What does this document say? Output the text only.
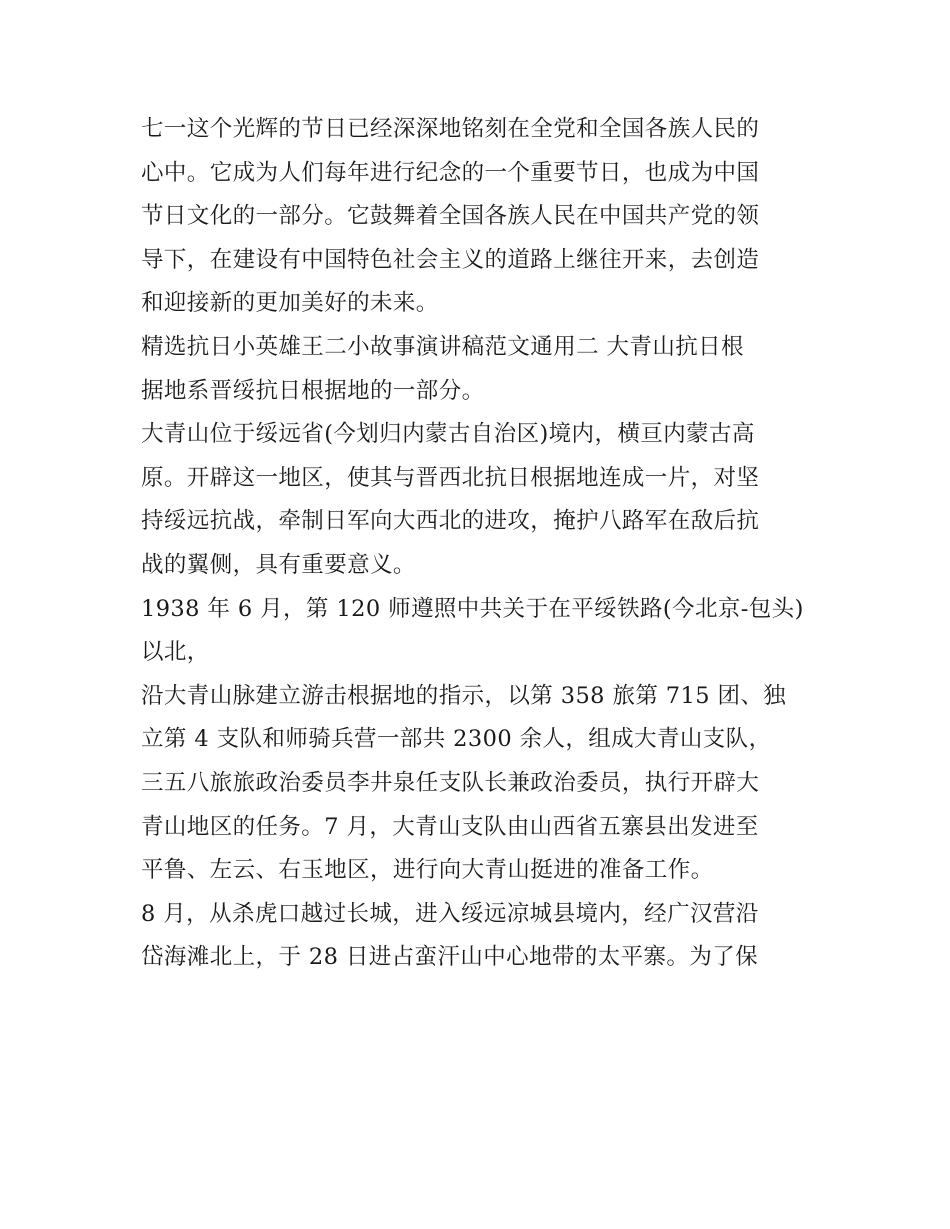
七一这个光辉的节日已经深深地铭刻在全党和全国各族人民的
心中。它成为人们每年进行纪念的一个重要节日，也成为中国
节日文化的一部分。它鼓舞着全国各族人民在中国共产党的领
导下，在建设有中国特色社会主义的道路上继往开来，去创造
和迎接新的更加美好的未来。
精选抗日小英雄王二小故事演讲稿范文通用二 大青山抗日根
据地系晋绥抗日根据地的一部分。
大青山位于绥远省(今划归内蒙古自治区)境内，横亘内蒙古高
原。开辟这一地区，使其与晋西北抗日根据地连成一片，对坚
持绥远抗战，牵制日军向大西北的进攻，掩护八路军在敌后抗
战的翼侧，具有重要意义。
1938 年 6 月，第 120 师遵照中共关于在平绥铁路(今北京-包头)
以北，
沿大青山脉建立游击根据地的指示，以第 358 旅第 715 团、独
立第 4 支队和师骑兵营一部共 2300 余人，组成大青山支队，
三五八旅旅政治委员李井泉任支队长兼政治委员，执行开辟大
青山地区的任务。7 月，大青山支队由山西省五寨县出发进至
平鲁、左云、右玉地区，进行向大青山挺进的准备工作。
8 月，从杀虎口越过长城，进入绥远凉城县境内，经广汉营沿
岱海滩北上，于 28 日进占蛮汗山中心地带的太平寨。为了保
